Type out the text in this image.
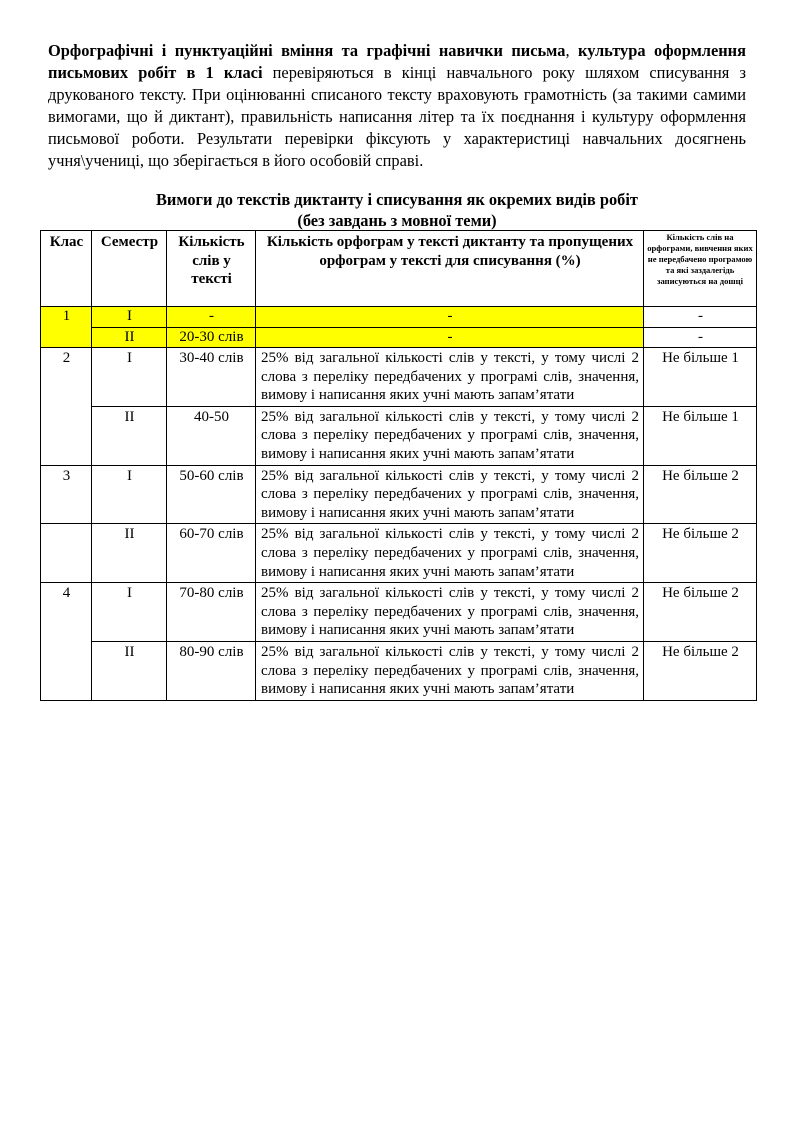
Орфографічні і пунктуаційні вміння та графічні навички письма, культура оформлення письмових робіт в 1 класі перевіряються в кінці навчального року шляхом списування з друкованого тексту. При оцінюванні списаного тексту враховують грамотність (за такими самими вимогами, що й диктант), правильність написання літер та їх поєднання і культуру оформлення письмової роботи. Результати перевірки фіксують у характеристиці навчальних досягнень учня\учениці, що зберігається в його особовій справі.

Вимоги до текстів диктанту і списування як окремих видів робіт
(без завдань з мовної теми)
Клас	Семестр	Кількість слів у тексті	Кількість орфограм у тексті диктанту та пропущених орфограм у тексті для списування (%)	Кількість слів на орфограми, вивчення яких не передбачено програмою та які заздалегідь записуються на дошці
1	I	-	-	-
	II	20-30 слів	-	-
2	I	30-40 слів	25% від загальної кількості слів у тексті, у тому числі 2 слова з переліку передбачених у програмі слів, значення, вимову і написання яких учні мають запам’ятати	Не більше 1
	II	40-50	25% від загальної кількості слів у тексті, у тому числі 2 слова з переліку передбачених у програмі слів, значення, вимову і написання яких учні мають запам’ятати	Не більше 1
3	I	50-60 слів	25% від загальної кількості слів у тексті, у тому числі 2 слова з переліку передбачених у програмі слів, значення, вимову і написання яких учні мають запам’ятати	Не більше 2
	II	60-70 слів	25% від загальної кількості слів у тексті, у тому числі 2 слова з переліку передбачених у програмі слів, значення, вимову і написання яких учні мають запам’ятати	Не більше 2
4	I	70-80 слів	25% від загальної кількості слів у тексті, у тому числі 2 слова з переліку передбачених у програмі слів, значення, вимову і написання яких учні мають запам’ятати	Не більше 2
	II	80-90 слів	25% від загальної кількості слів у тексті, у тому числі 2 слова з переліку передбачених у програмі слів, значення, вимову і написання яких учні мають запам’ятати	Не більше 2
